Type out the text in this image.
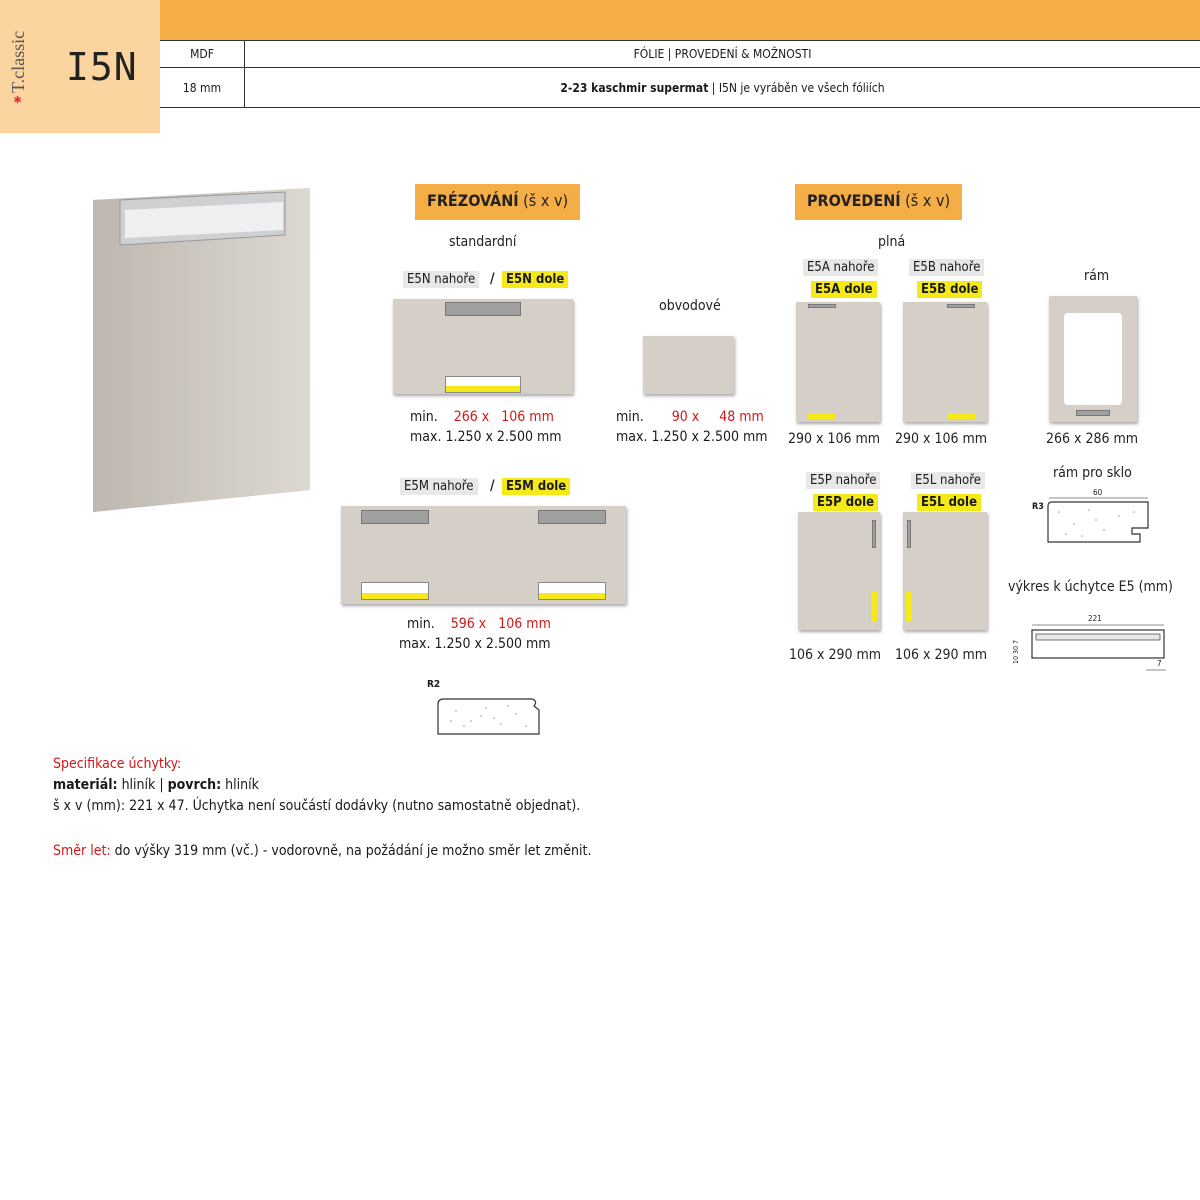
✱T.classic I5N	MDF	FÓLIE | PROVEDENÍ & MOŽNOSTI
18 mm	2-23 kaschmir supermat | I5N je vyráběn ve všech fóliích
FRÉZOVÁNÍ (š x v)
standardní
E5N nahoře / E5N dole
min. 266 x 106 mm
max. 1.250 x 2.500 mm
obvodové
min. 90 x 48 mm
max. 1.250 x 2.500 mm
E5M nahoře / E5M dole
min. 596 x 106 mm
max. 1.250 x 2.500 mm
R2
PROVEDENÍ (š x v)
plná
E5A nahoře
E5A dole
290 x 106 mm
E5B nahoře
E5B dole
290 x 106 mm
rám
266 x 286 mm
rám pro sklo
R3
60
E5P nahoře
E5P dole
106 x 290 mm
E5L nahoře
E5L dole
106 x 290 mm
výkres k úchytce E5 (mm)
221
10 30 7	7
Specifikace úchytky:
materiál: hliník | povrch: hliník
š x v (mm): 221 x 47. Úchytka není součástí dodávky (nutno samostatně objednat).
Směr let: do výšky 319 mm (vč.) - vodorovně, na požádání je možno směr let změnit.
